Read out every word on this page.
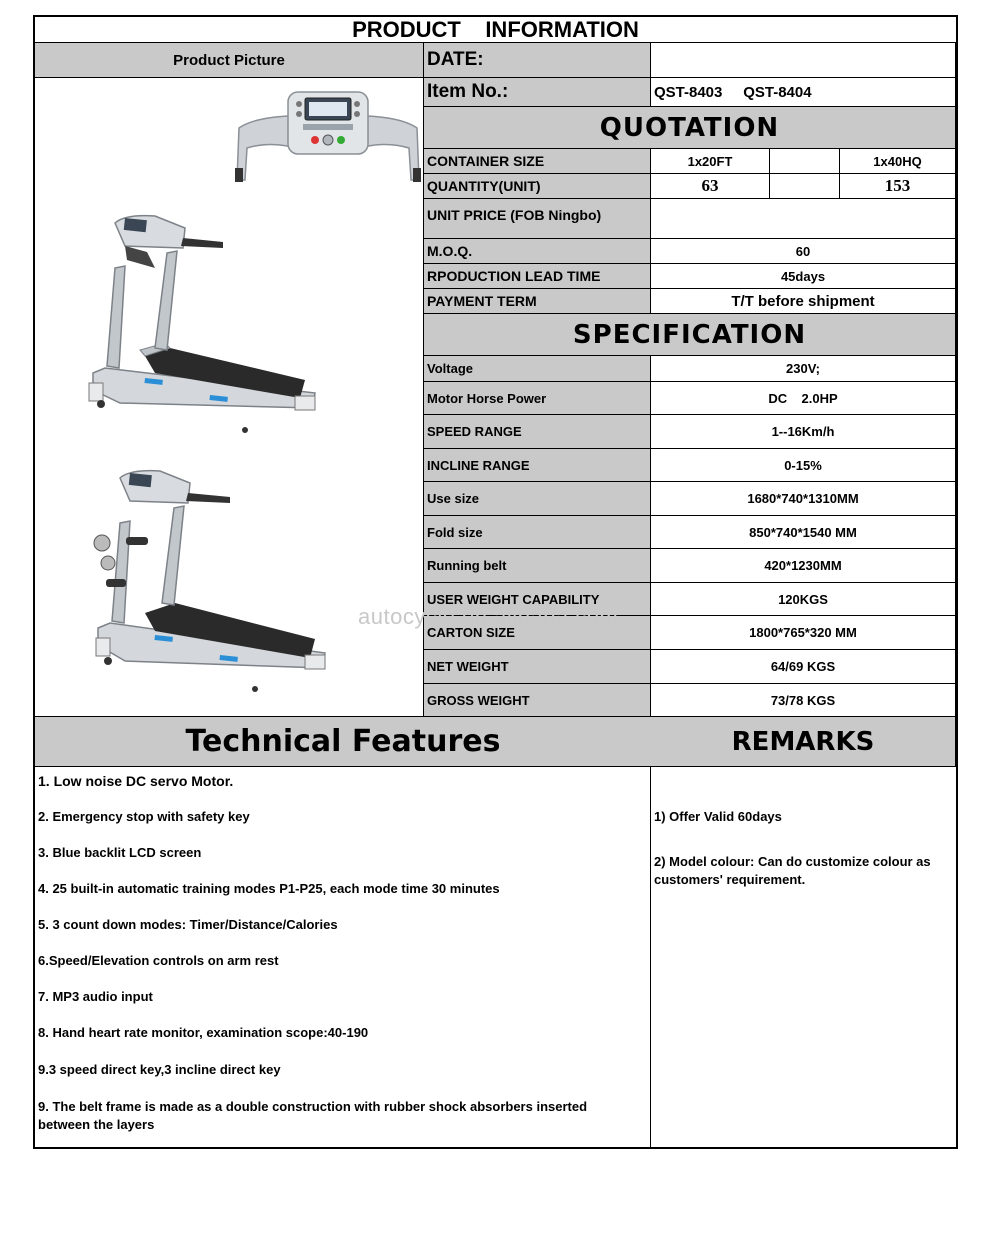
PRODUCT    INFORMATION
Product Picture	DATE:
Item No.:	QST-8403     QST-8404
QUOTATION
CONTAINER SIZE	1x20FT	1x40HQ
QUANTITY(UNIT)	63	153
UNIT PRICE (FOB Ningbo)
M.O.Q.	60
RPODUCTION LEAD TIME	45days
PAYMENT TERM	T/T before shipment
SPECIFICATION
Voltage	230V;
Motor Horse Power	DC    2.0HP
SPEED RANGE	1--16Km/h
INCLINE RANGE	0-15%
Use size	1680*740*1310MM
Fold size	850*740*1540 MM
Running belt	420*1230MM
USER WEIGHT CAPABILITY	120KGS
CARTON SIZE	1800*765*320 MM
NET WEIGHT	64/69 KGS
GROSS WEIGHT	73/78 KGS
Technical Features	REMARKS
1. Low noise DC servo Motor.
2. Emergency stop with safety key
3. Blue backlit LCD screen
4. 25 built-in automatic training modes P1-P25, each mode time 30 minutes
5. 3 count down modes: Timer/Distance/Calories
6.Speed/Elevation controls on arm rest
7. MP3 audio input
8. Hand heart rate monitor, examination scope:40-190
9.3 speed direct key,3 incline direct key
9. The belt frame is made as a double construction with rubber shock absorbers inserted between the layers
1) Offer Valid 60days
2) Model colour: Can do customize colour as customers' requirement.
autocycle.en.alibaba.com
